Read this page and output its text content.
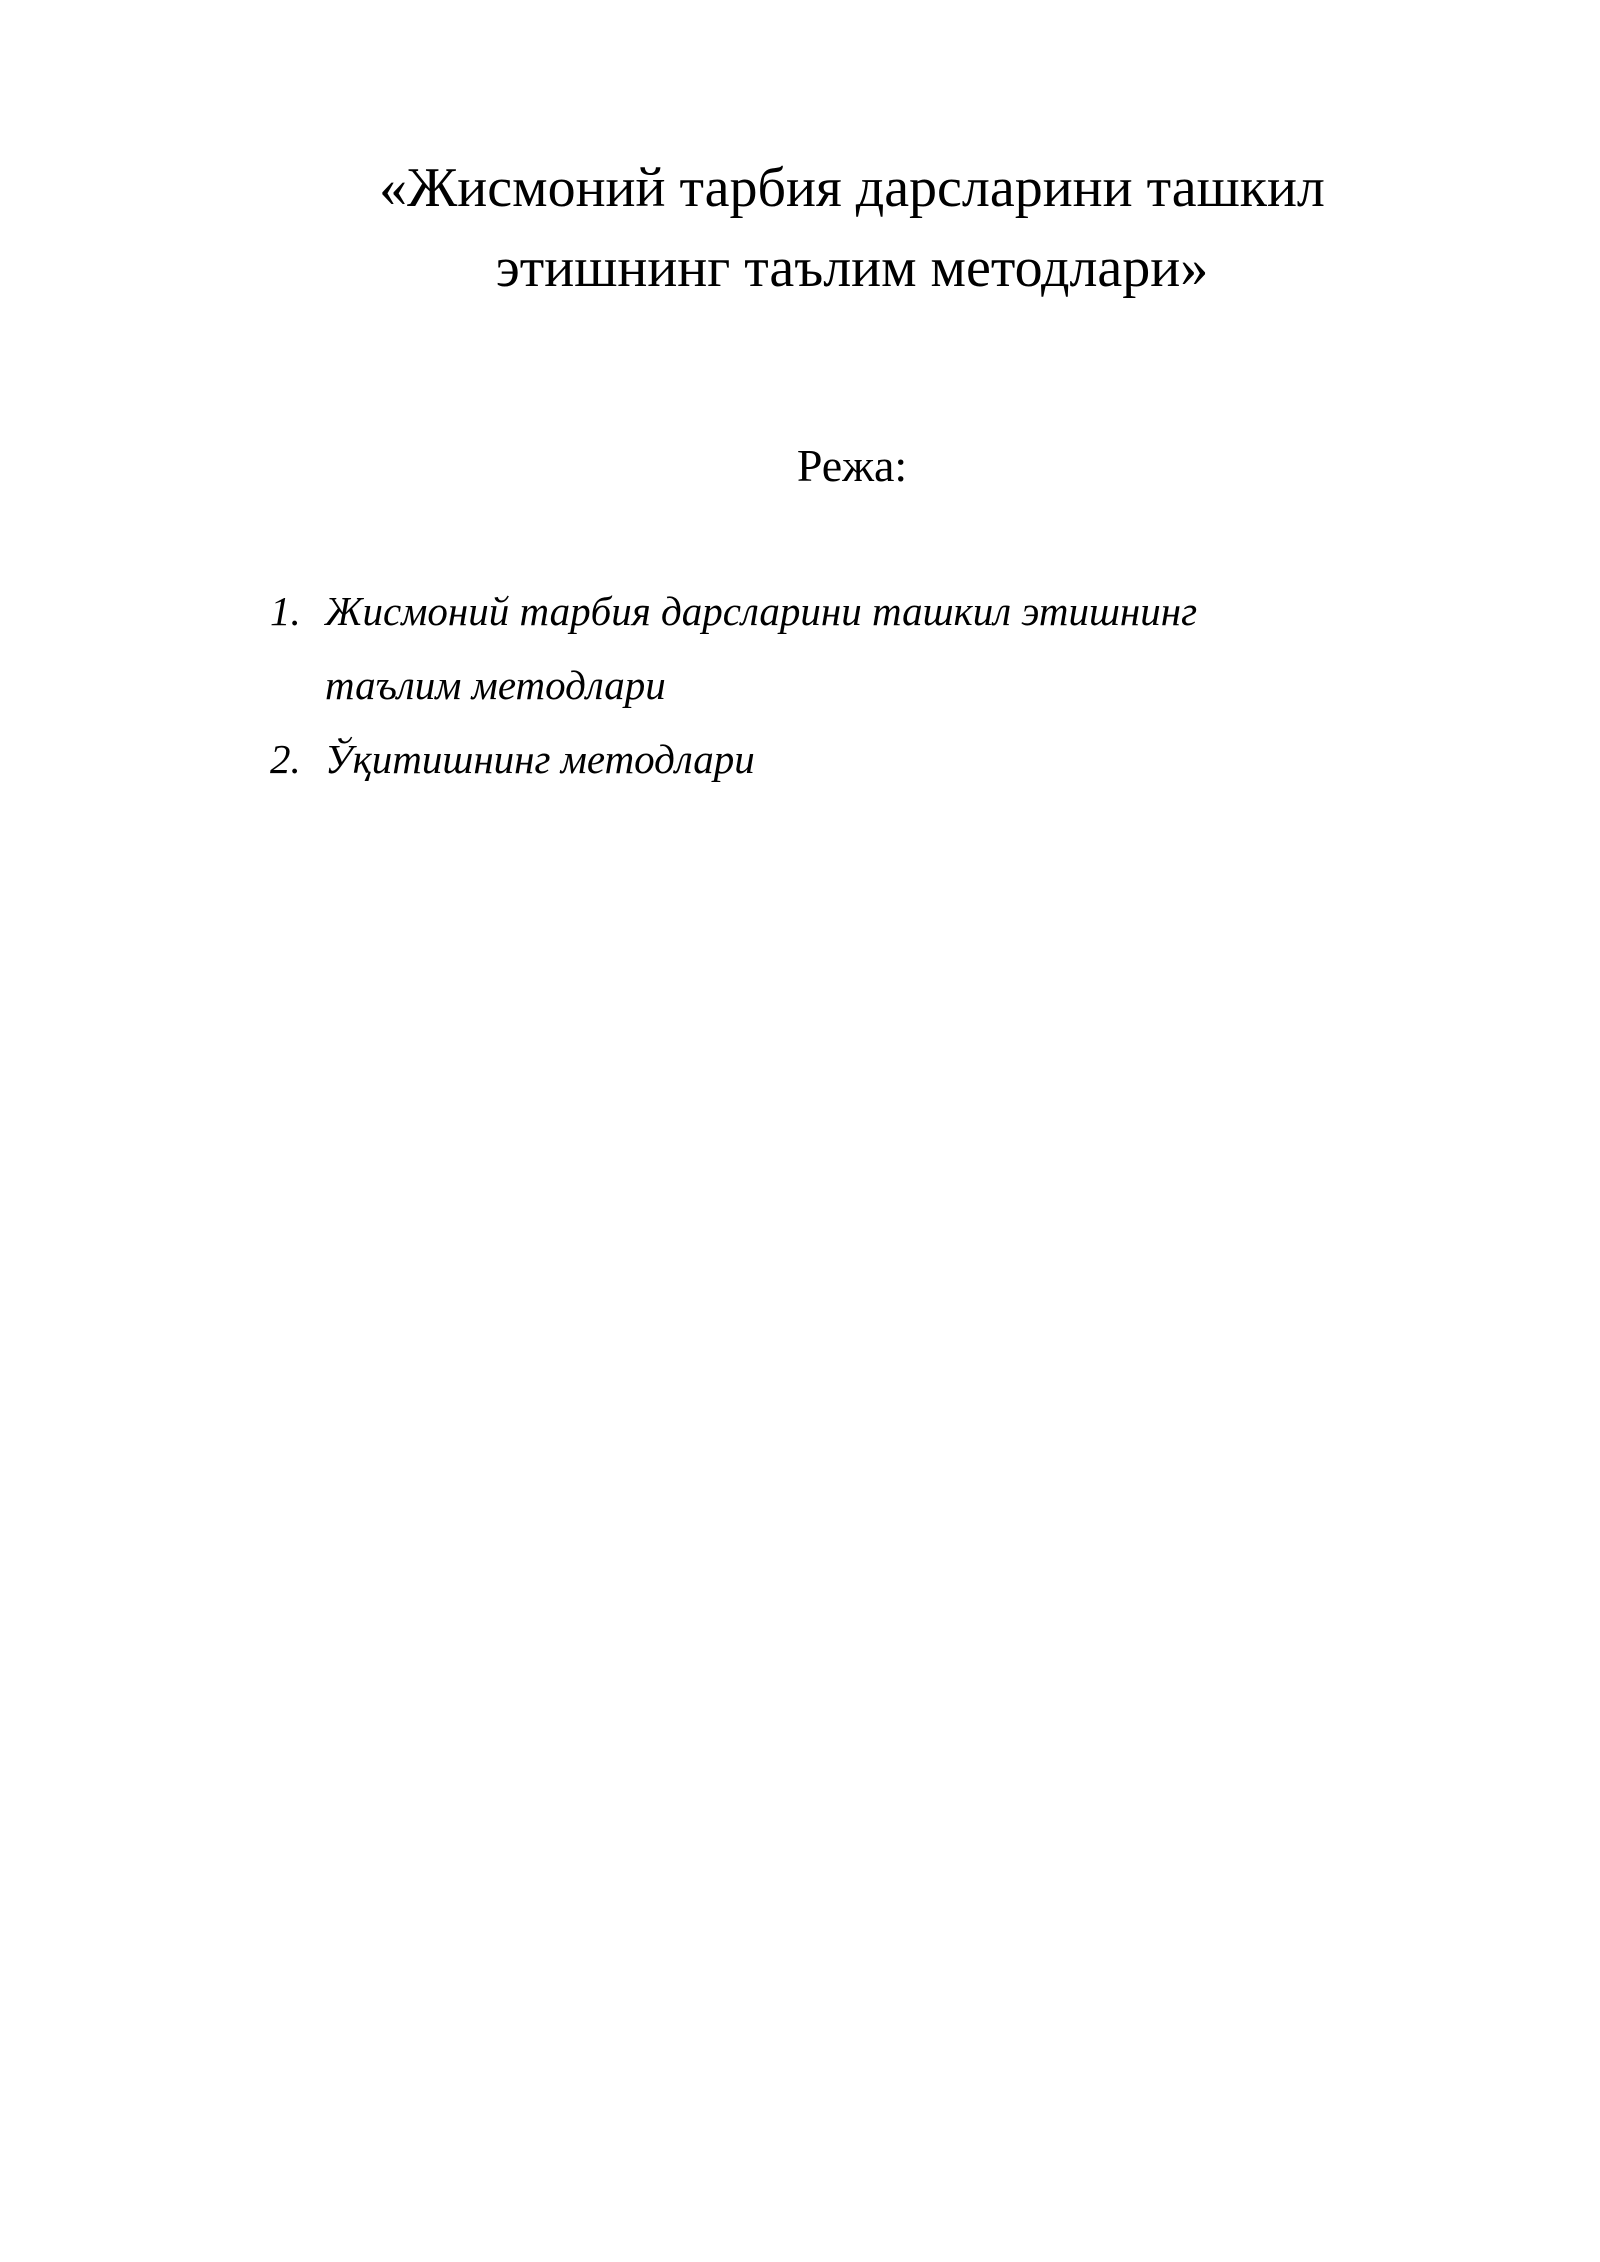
«Жисмоний тарбия дарсларини ташкил
этишнинг таълим методлари»
Режа:
1. Жисмоний тарбия дарсларини ташкил этишнинг таълим методлари
2. Ўқитишнинг методлари
